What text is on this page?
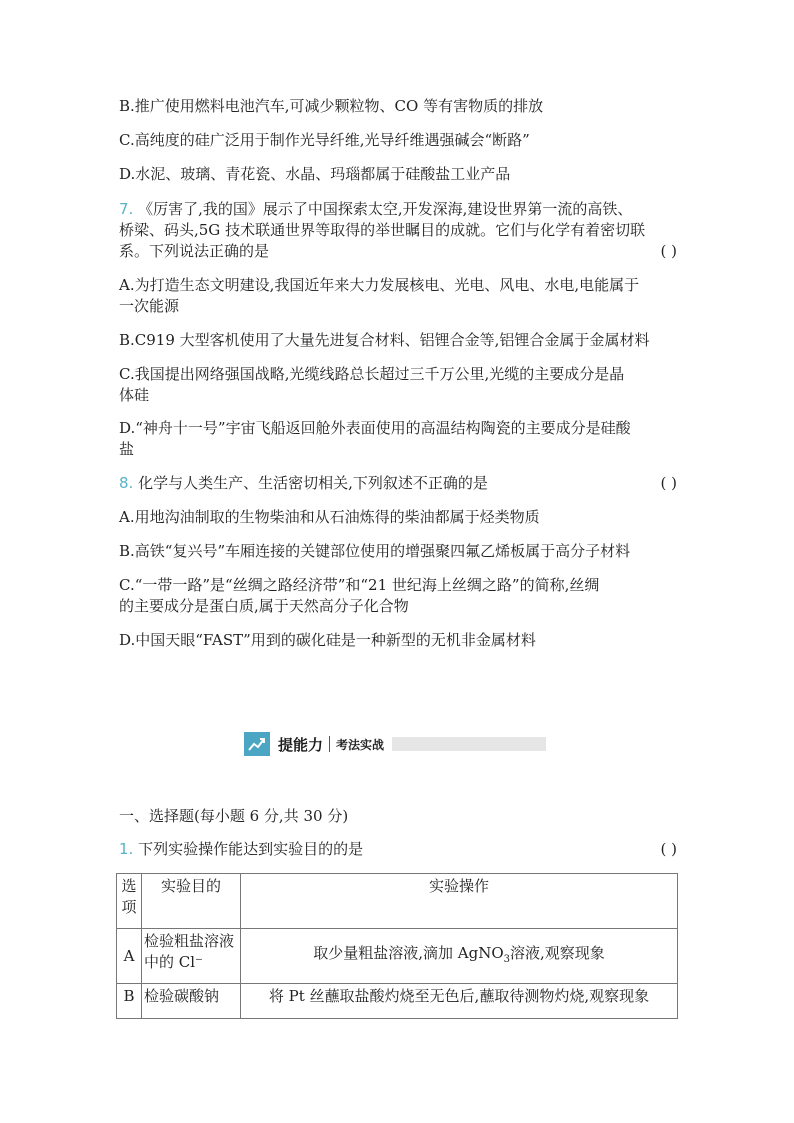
B.推广使用燃料电池汽车,可减少颗粒物、CO 等有害物质的排放
C.高纯度的硅广泛用于制作光导纤维,光导纤维遇强碱会“断路”
D.水泥、玻璃、青花瓷、水晶、玛瑙都属于硅酸盐工业产品
7. 《厉害了,我的国》展示了中国探索太空,开发深海,建设世界第一流的高铁、
桥梁、码头,5G 技术联通世界等取得的举世瞩目的成就。它们与化学有着密切联
系。下列说法正确的是	( )
A.为打造生态文明建设,我国近年来大力发展核电、光电、风电、水电,电能属于
一次能源
B.C919 大型客机使用了大量先进复合材料、铝锂合金等,铝锂合金属于金属材料
C.我国提出网络强国战略,光缆线路总长超过三千万公里,光缆的主要成分是晶
体硅
D.“神舟十一号”宇宙飞船返回舱外表面使用的高温结构陶瓷的主要成分是硅酸
盐
8. 化学与人类生产、生活密切相关,下列叙述不正确的是	( )
A.用地沟油制取的生物柴油和从石油炼得的柴油都属于烃类物质
B.高铁“复兴号”车厢连接的关键部位使用的增强聚四氟乙烯板属于高分子材料
C.“一带一路”是“丝绸之路经济带”和“21 世纪海上丝绸之路”的简称,丝绸
的主要成分是蛋白质,属于天然高分子化合物
D.中国天眼“FAST”用到的碳化硅是一种新型的无机非金属材料
提能力 考法实战
一、选择题(每小题 6 分,共 30 分)
1. 下列实验操作能达到实验目的的是	( )
选项	实验目的	实验操作
A	检验粗盐溶液中的 Cl⁻	取少量粗盐溶液,滴加 AgNO$_3$溶液,观察现象
B	检验碳酸钠	将 Pt 丝蘸取盐酸灼烧至无色后,蘸取待测物灼烧,观察现象
